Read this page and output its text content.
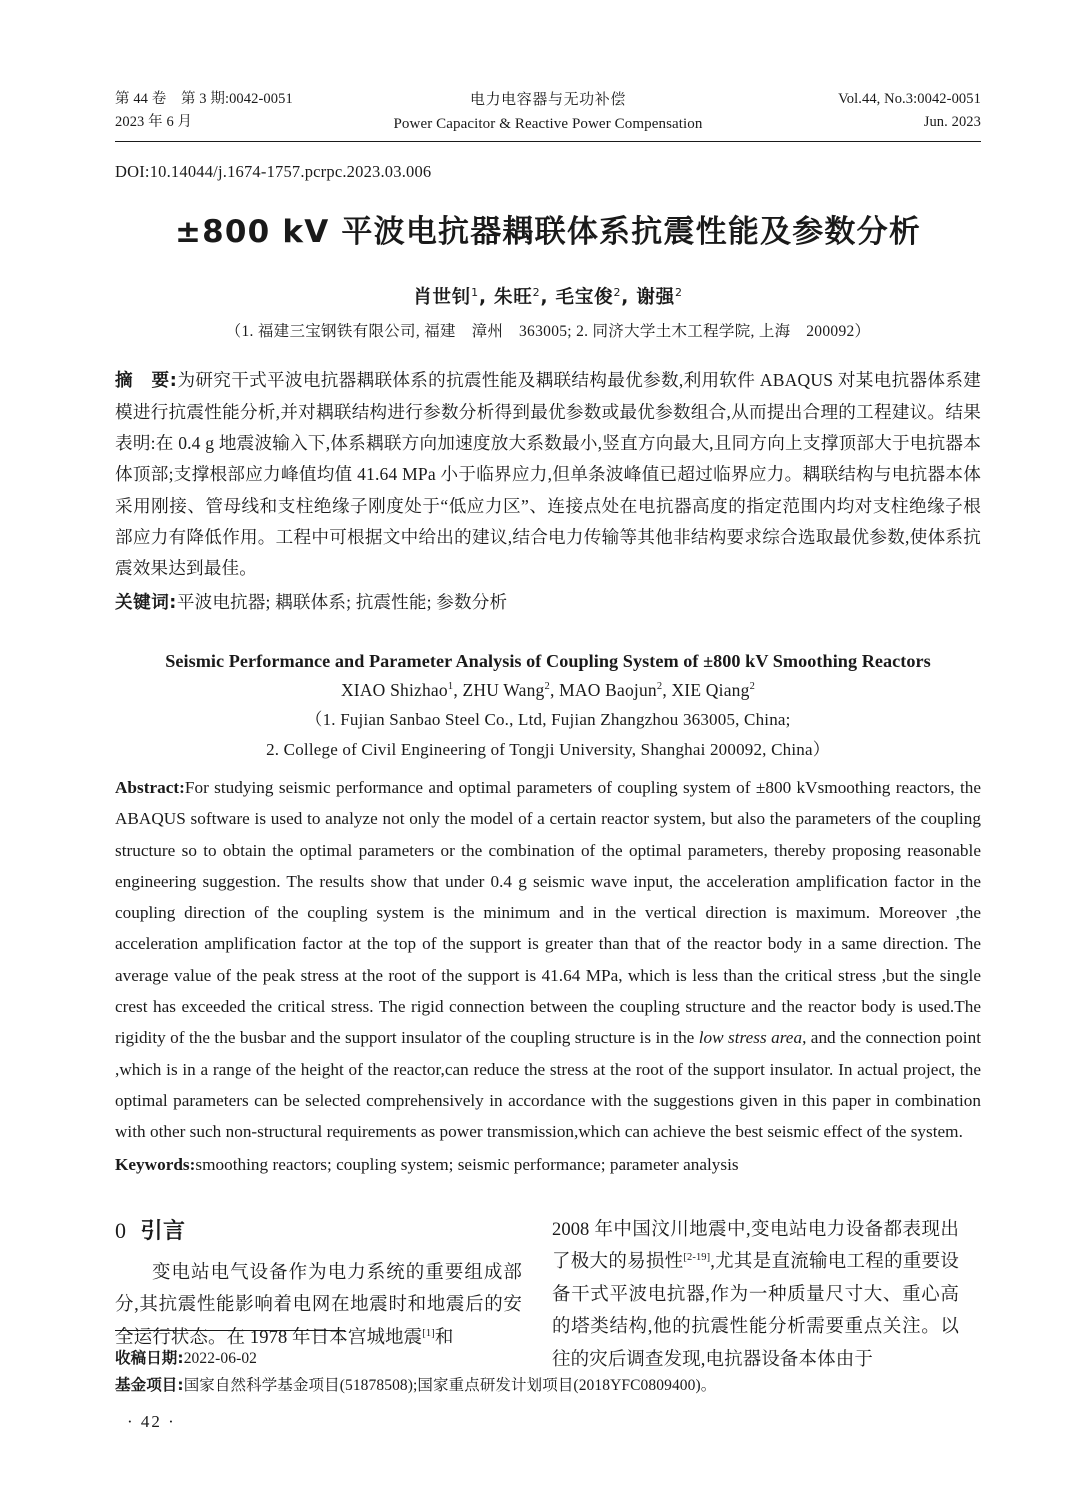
第 44 卷　第 3 期:0042-0051
2023 年 6 月
电力电容器与无功补偿
Power Capacitor & Reactive Power Compensation
Vol.44, No.3:0042-0051
Jun. 2023
DOI:10.14044/j.1674-1757.pcrpc.2023.03.006
±800 kV 平波电抗器耦联体系抗震性能及参数分析
肖世钊$^1$, 朱旺$^2$, 毛宝俊$^2$, 谢强$^2$
（1. 福建三宝钢铁有限公司, 福建　漳州　363005; 2. 同济大学土木工程学院, 上海　200092）
摘　要:为研究干式平波电抗器耦联体系的抗震性能及耦联结构最优参数,利用软件 ABAQUS 对某电抗器体系建模进行抗震性能分析,并对耦联结构进行参数分析得到最优参数或最优参数组合,从而提出合理的工程建议。结果表明:在 0.4 g 地震波输入下,体系耦联方向加速度放大系数最小,竖直方向最大,且同方向上支撑顶部大于电抗器本体顶部;支撑根部应力峰值均值 41.64 MPa 小于临界应力,但单条波峰值已超过临界应力。耦联结构与电抗器本体采用刚接、管母线和支柱绝缘子刚度处于“低应力区”、连接点处在电抗器高度的指定范围内均对支柱绝缘子根部应力有降低作用。工程中可根据文中给出的建议,结合电力传输等其他非结构要求综合选取最优参数,使体系抗震效果达到最佳。
关键词:平波电抗器; 耦联体系; 抗震性能; 参数分析
Seismic Performance and Parameter Analysis of Coupling System of ±800 kV Smoothing Reactors
XIAO Shizhao$^1$, ZHU Wang$^2$, MAO Baojun$^2$, XIE Qiang$^2$
（1. Fujian Sanbao Steel Co., Ltd, Fujian Zhangzhou 363005, China;
2. College of Civil Engineering of Tongji University, Shanghai 200092, China）
Abstract:For studying seismic performance and optimal parameters of coupling system of ±800 kVsmoothing reactors, the ABAQUS software is used to analyze not only the model of a certain reactor system, but also the parameters of the coupling structure so to obtain the optimal parameters or the combination of the optimal parameters, thereby proposing reasonable engineering suggestion. The results show that under 0.4 g seismic wave input, the acceleration amplification factor in the coupling direction of the coupling system is the minimum and in the vertical direction is maximum. Moreover ,the acceleration amplification factor at the top of the support is greater than that of the reactor body in a same direction. The average value of the peak stress at the root of the support is 41.64 MPa, which is less than the critical stress ,but the single crest has exceeded the critical stress. The rigid connection between the coupling structure and the reactor body is used.The rigidity of the the busbar and the support insulator of the coupling structure is in the low stress area, and the connection point ,which is in a range of the height of the reactor,can reduce the stress at the root of the support insulator. In actual project, the optimal parameters can be selected comprehensively in accordance with the suggestions given in this paper in combination with other such non-structural requirements as power transmission,which can achieve the best seismic effect of the system.
Keywords:smoothing reactors; coupling system; seismic performance; parameter analysis
0 引言

变电站电气设备作为电力系统的重要组成部分,其抗震性能影响着电网在地震时和地震后的安全运行状态。在 1978 年日本宫城地震[1]和

2008 年中国汶川地震中,变电站电力设备都表现出了极大的易损性[2-19],尤其是直流输电工程的重要设备干式平波电抗器,作为一种质量尺寸大、重心高的塔类结构,他的抗震性能分析需要重点关注。以往的灾后调查发现,电抗器设备本体由于

收稿日期:2022-06-02
基金项目:国家自然科学基金项目(51878508);国家重点研发计划项目(2018YFC0809400)。
· 42 ·
